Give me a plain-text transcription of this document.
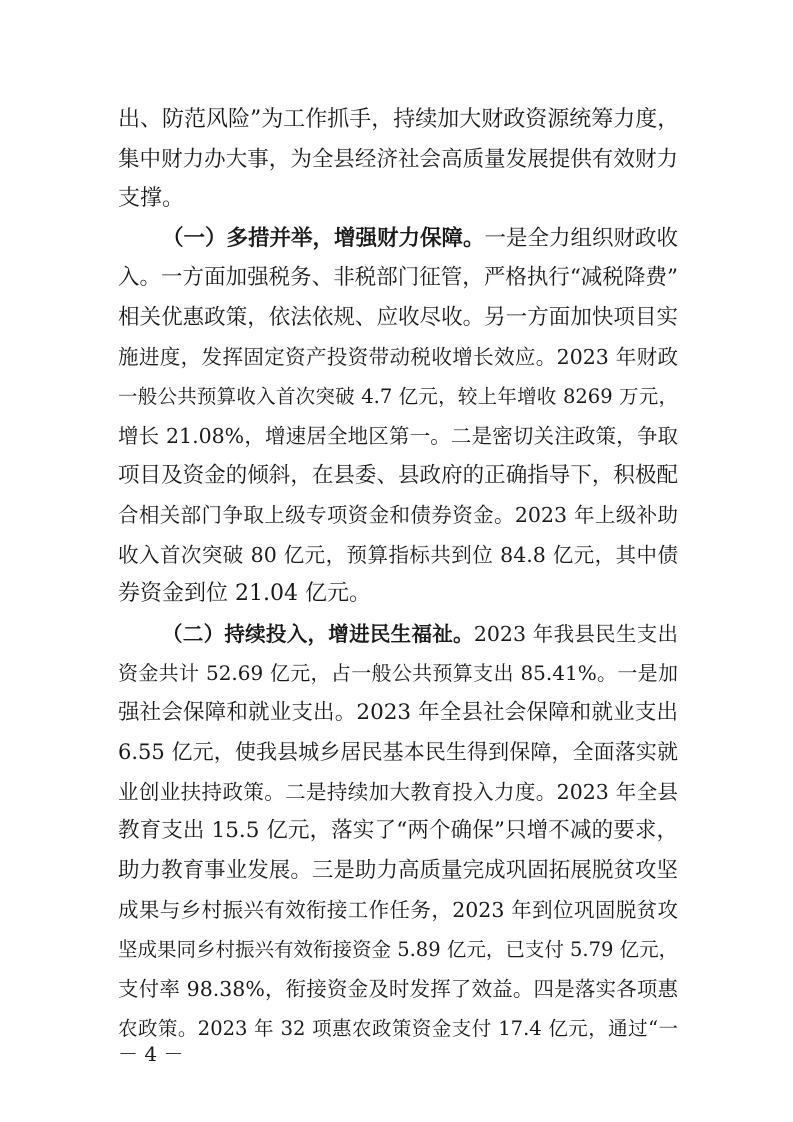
出、防范风险”为工作抓手，持续加大财政资源统筹力度，
集中财力办大事，为全县经济社会高质量发展提供有效财力
支撑。
（一）多措并举，增强财力保障。一是全力组织财政收
入。一方面加强税务、非税部门征管，严格执行“减税降费”
相关优惠政策，依法依规、应收尽收。另一方面加快项目实
施进度，发挥固定资产投资带动税收增长效应。2023 年财政
一般公共预算收入首次突破 4.7 亿元，较上年增收 8269 万元，
增长 21.08%，增速居全地区第一。二是密切关注政策，争取
项目及资金的倾斜，在县委、县政府的正确指导下，积极配
合相关部门争取上级专项资金和债券资金。2023 年上级补助
收入首次突破 80 亿元，预算指标共到位 84.8 亿元，其中债
券资金到位 21.04 亿元。
（二）持续投入，增进民生福祉。2023 年我县民生支出
资金共计 52.69 亿元，占一般公共预算支出 85.41%。一是加
强社会保障和就业支出。2023 年全县社会保障和就业支出
6.55 亿元，使我县城乡居民基本民生得到保障，全面落实就
业创业扶持政策。二是持续加大教育投入力度。2023 年全县
教育支出 15.5 亿元，落实了“两个确保”只增不减的要求，
助力教育事业发展。三是助力高质量完成巩固拓展脱贫攻坚
成果与乡村振兴有效衔接工作任务，2023 年到位巩固脱贫攻
坚成果同乡村振兴有效衔接资金 5.89 亿元，已支付 5.79 亿元，
支付率 98.38%，衔接资金及时发挥了效益。四是落实各项惠
农政策。2023 年 32 项惠农政策资金支付 17.4 亿元，通过“一
－ 4 －
